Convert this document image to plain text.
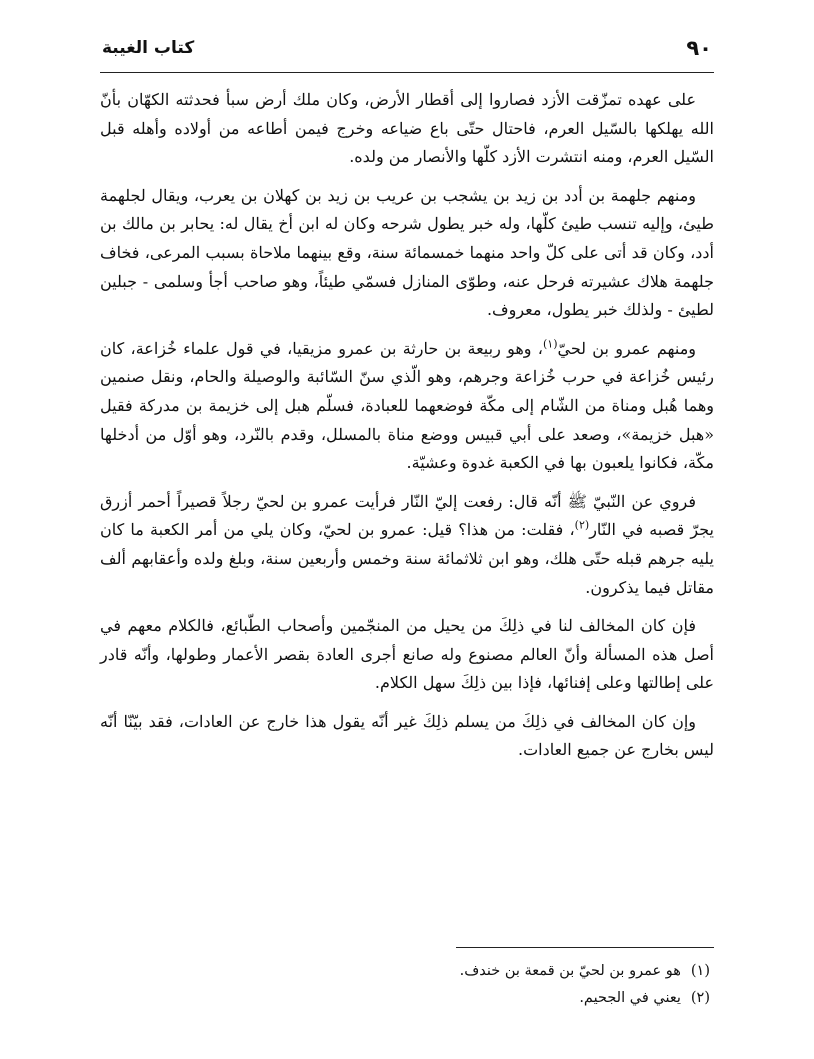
٩٠
كتاب الغيبة

على عهده تمزّقت الأزد فصاروا إلى أقطار الأرض، وكان ملك أرض سبأ فحدثته الكهّان بأنّ الله يهلكها بالسّيل العرم، فاحتال حتّى باع ضياعه وخرج فيمن أطاعه من أولاده وأهله قبل السّيل العرم، ومنه انتشرت الأزد كلّها والأنصار من ولده.

ومنهم جلهمة بن أدد بن زيد بن يشجب بن عريب بن زيد بن كهلان بن يعرب، ويقال لجلهمة طيئ، وإليه تنسب طيئ كلّها، وله خبر يطول شرحه وكان له ابن أخ يقال له: يحابر بن مالك بن أدد، وكان قد أتى على كلّ واحد منهما خمسمائة سنة، وقع بينهما ملاحاة بسبب المرعى، فخاف جلهمة هلاك عشيرته فرحل عنه، وطوّى المنازل فسمّي طيئاً، وهو صاحب أجأ وسلمى - جبلين لطيئ - ولذلك خبر يطول، معروف.

ومنهم عمرو بن لحيّ$^{(١)}$، وهو ربيعة بن حارثة بن عمرو مزيقيا، في قول علماء خُزاعة، كان رئيس خُزاعة في حرب خُزاعة وجرهم، وهو الّذي سنّ السّائبة والوصيلة والحام، ونقل صنمين وهما هُبل ومناة من الشّام إلى مكّة فوضعهما للعبادة، فسلّم هبل إلى خزيمة بن مدركة فقيل «هبل خزيمة»، وصعد على أبي قبيس ووضع مناة بالمسلل، وقدم بالنّرد، وهو أوّل من أدخلها مكّة، فكانوا يلعبون بها في الكعبة غدوة وعشيّة.

فروي عن النّبيّ ﷺ أنّه قال: رفعت إليّ النّار فرأيت عمرو بن لحيّ رجلاً قصيراً أحمر أزرق يجرّ قصبه في النّار$^{(٢)}$، فقلت: من هذا؟ قيل: عمرو بن لحيّ، وكان يلي من أمر الكعبة ما كان يليه جرهم قبله حتّى هلك، وهو ابن ثلاثمائة سنة وخمس وأربعين سنة، وبلغ ولده وأعقابهم ألف مقاتل فيما يذكرون.

فإن كان المخالف لنا في ذلِكَ من يحيل من المنجّمين وأصحاب الطّبائع، فالكلام معهم في أصل هذه المسألة وأنّ العالم مصنوع وله صانع أجرى العادة بقصر الأعمار وطولها، وأنّه قادر على إطالتها وعلى إفنائها، فإذا بين ذلِكَ سهل الكلام.

وإن كان المخالف في ذلِكَ من يسلم ذلِكَ غير أنّه يقول هذا خارج عن العادات، فقد بيّنّا أنّه ليس بخارج عن جميع العادات.

(١)هو عمرو بن لحيّ بن قمعة بن خندف.
(٢)يعني في الجحيم.
